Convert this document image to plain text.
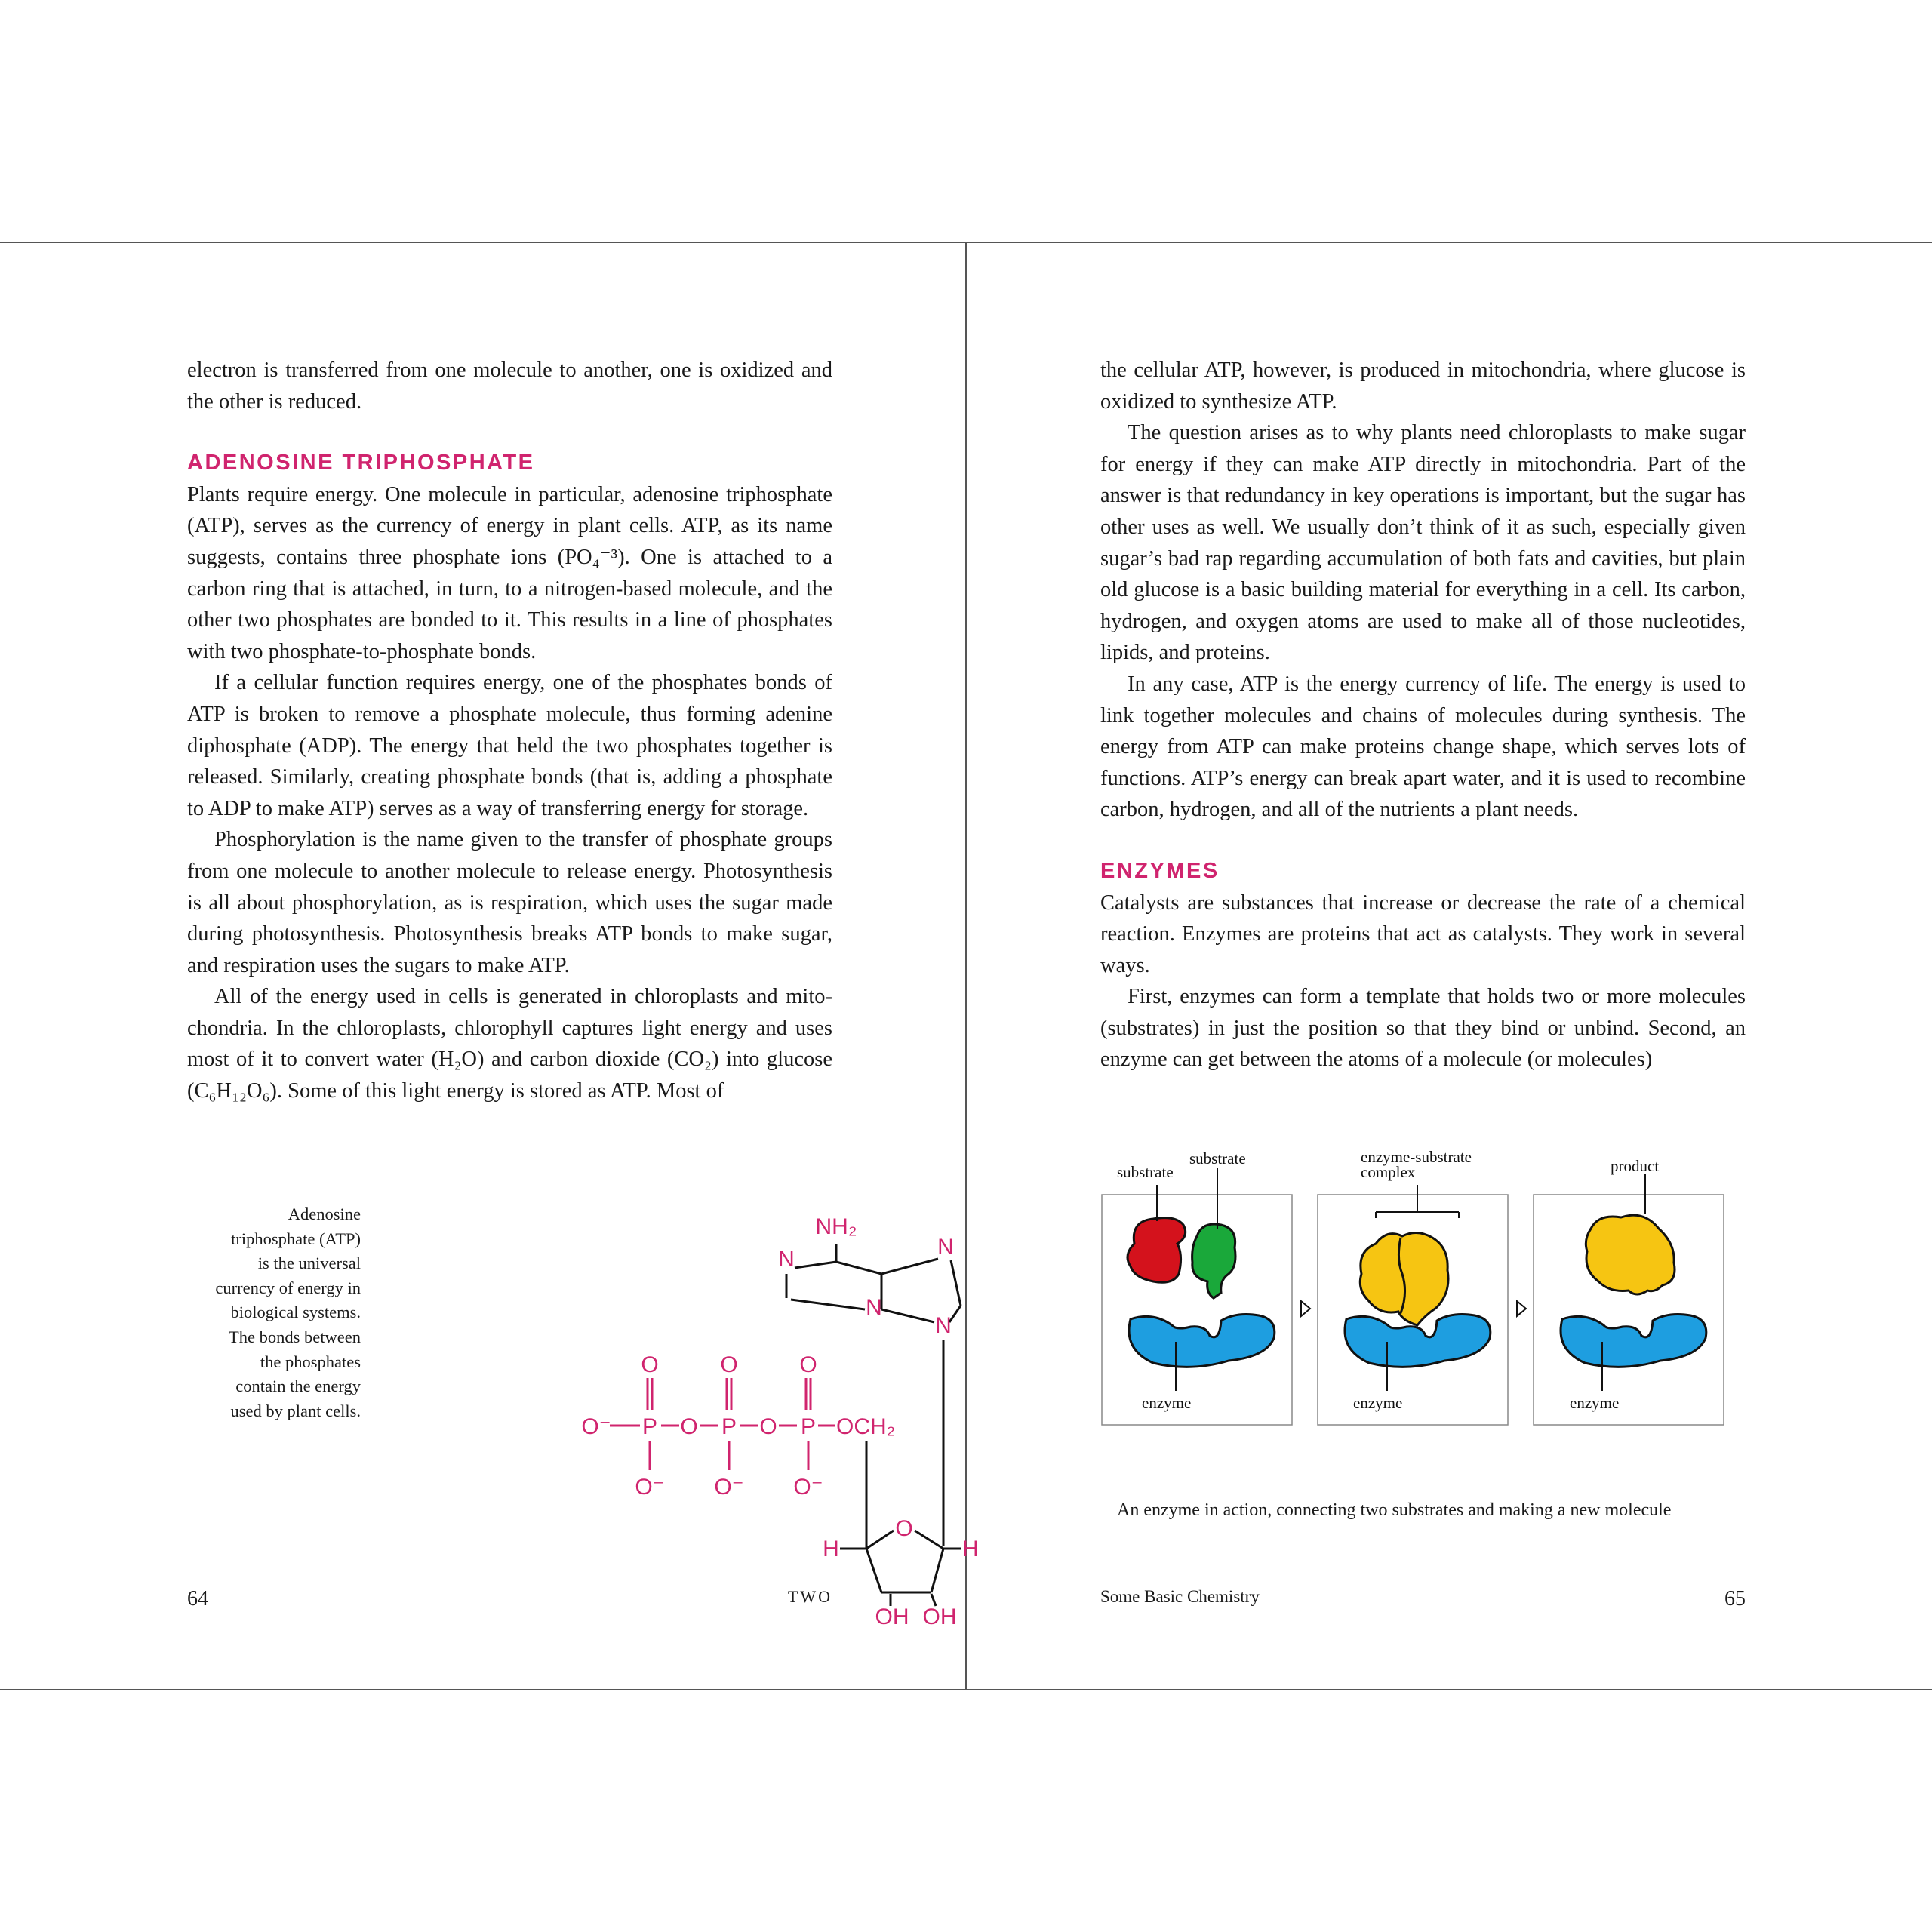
electron is transferred from one molecule to another, one is oxidized and the other is reduced.

ADENOSINE TRIPHOSPHATE

Plants require energy. One molecule in particular, adenosine triphosphate (ATP), serves as the currency of energy in plant cells. ATP, as its name suggests, contains three phosphate ions (PO₄⁻³). One is attached to a carbon ring that is attached, in turn, to a nitrogen-based molecule, and the other two phosphates are bonded to it. This results in a line of phosphates with two phosphate-to-phosphate bonds.

If a cellular function requires energy, one of the phosphates bonds of ATP is broken to remove a phosphate molecule, thus forming adenine diphosphate (ADP). The energy that held the two phosphates together is released. Similarly, creating phosphate bonds (that is, adding a phosphate to ADP to make ATP) serves as a way of transferring energy for storage.

Phosphorylation is the name given to the transfer of phosphate groups from one molecule to another molecule to release energy. Photosynthesis is all about phosphorylation, as is respiration, which uses the sugar made during photosynthesis. Photosynthesis breaks ATP bonds to make sugar, and respiration uses the sugars to make ATP.

All of the energy used in cells is generated in chloroplasts and mitochondria. In the chloroplasts, chlorophyll captures light energy and uses most of it to convert water (H₂O) and carbon dioxide (CO₂) into glucose (C₆H₁₂O₆). Some of this light energy is stored as ATP. Most of

Adenosine
triphosphate (ATP)
is the universal
currency of energy in
biological systems.
The bonds between
the phosphates
contain the energy
used by plant cells.
NH₂
N	N
N
N
O	O	O
O⁻ P O P O P OCH₂
O⁻ O⁻ O⁻
O
H	H
OH OH
64	TWO

the cellular ATP, however, is produced in mitochondria, where glucose is oxidized to synthesize ATP.

The question arises as to why plants need chloroplasts to make sugar for energy if they can make ATP directly in mitochondria. Part of the answer is that redundancy in key operations is important, but the sugar has other uses as well. We usually don’t think of it as such, especially given sugar’s bad rap regarding accumulation of both fats and cavities, but plain old glucose is a basic building material for everything in a cell. Its carbon, hydrogen, and oxygen atoms are used to make all of those nucleotides, lipids, and proteins.

In any case, ATP is the energy currency of life. The energy is used to link together molecules and chains of molecules during synthesis. The energy from ATP can make proteins change shape, which serves lots of functions. ATP’s energy can break apart water, and it is used to recombine carbon, hydrogen, and all of the nutrients a plant needs.

ENZYMES

Catalysts are substances that increase or decrease the rate of a chemical reaction. Enzymes are proteins that act as catalysts. They work in several ways.

First, enzymes can form a template that holds two or more molecules (substrates) in just the position so that they bind or unbind. Second, an enzyme can get between the atoms of a molecule (or molecules)

substrate
substrate	enzyme-substrate
complex	product
enzyme	enzyme	enzyme
An enzyme in action, connecting two substrates and making a new molecule
Some Basic Chemistry	65
